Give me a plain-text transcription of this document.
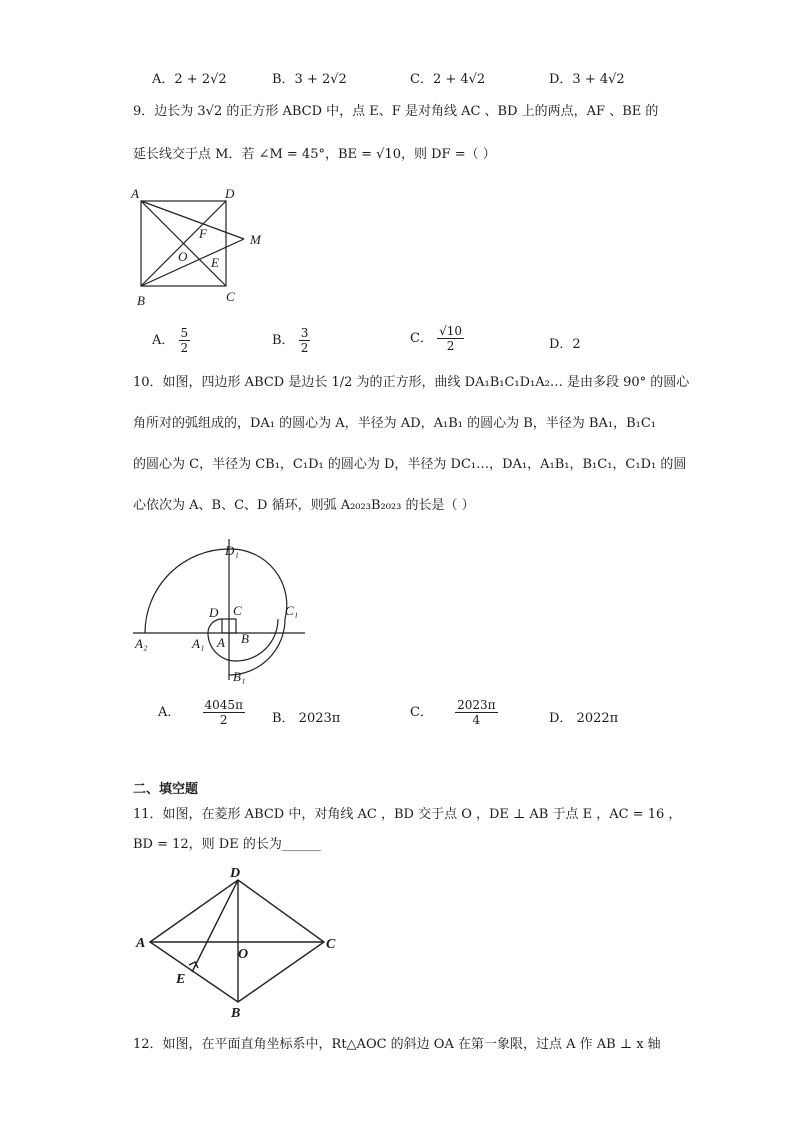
A．2 + 2√2	B．3 + 2√2	C．2 + 4√2	D．3 + 4√2
9．边长为 3√2 的正方形 ABCD 中，点 E、F 是对角线 AC 、BD 上的两点，AF 、BE 的
延长线交于点 M．若 ∠M = 45°，BE = √10，则 DF =（ ）
A	D
B	C
F
O E
M
A． $\frac{5}{2}$	B． $\frac{3}{2}$	C． $\frac{√10}{2}$	D．2
10．如图，四边形 ABCD 是边长 1/2 为的正方形，曲线 DA₁B₁C₁D₁A₂… 是由多段 90° 的圆心
角所对的弧组成的，DA₁ 的圆心为 A，半径为 AD，A₁B₁ 的圆心为 B，半径为 BA₁，B₁C₁
的圆心为 C，半径为 CB₁，C₁D₁ 的圆心为 D，半径为 DC₁…，DA₁，A₁B₁，B₁C₁，C₁D₁ 的圆
心依次为 A、B、C、D 循环，则弧 A₂₀₂₃B₂₀₂₃ 的长是（ ）
D₁
C₁
A₂	A₁
B₁
D C
A B
A． $\frac{4045\pi}{2}$ B． 2023π	C． $\frac{2023\pi}{4}$	D． 2022π
二、填空题
11．如图，在菱形 ABCD 中，对角线 AC ，BD 交于点 O ，DE ⊥ AB 于点 E ，AC = 16 ，
BD = 12，则 DE 的长为______
D
A	C
O
E
B
12．如图，在平面直角坐标系中，Rt△AOC 的斜边 OA 在第一象限，过点 A 作 AB ⊥ x 轴
